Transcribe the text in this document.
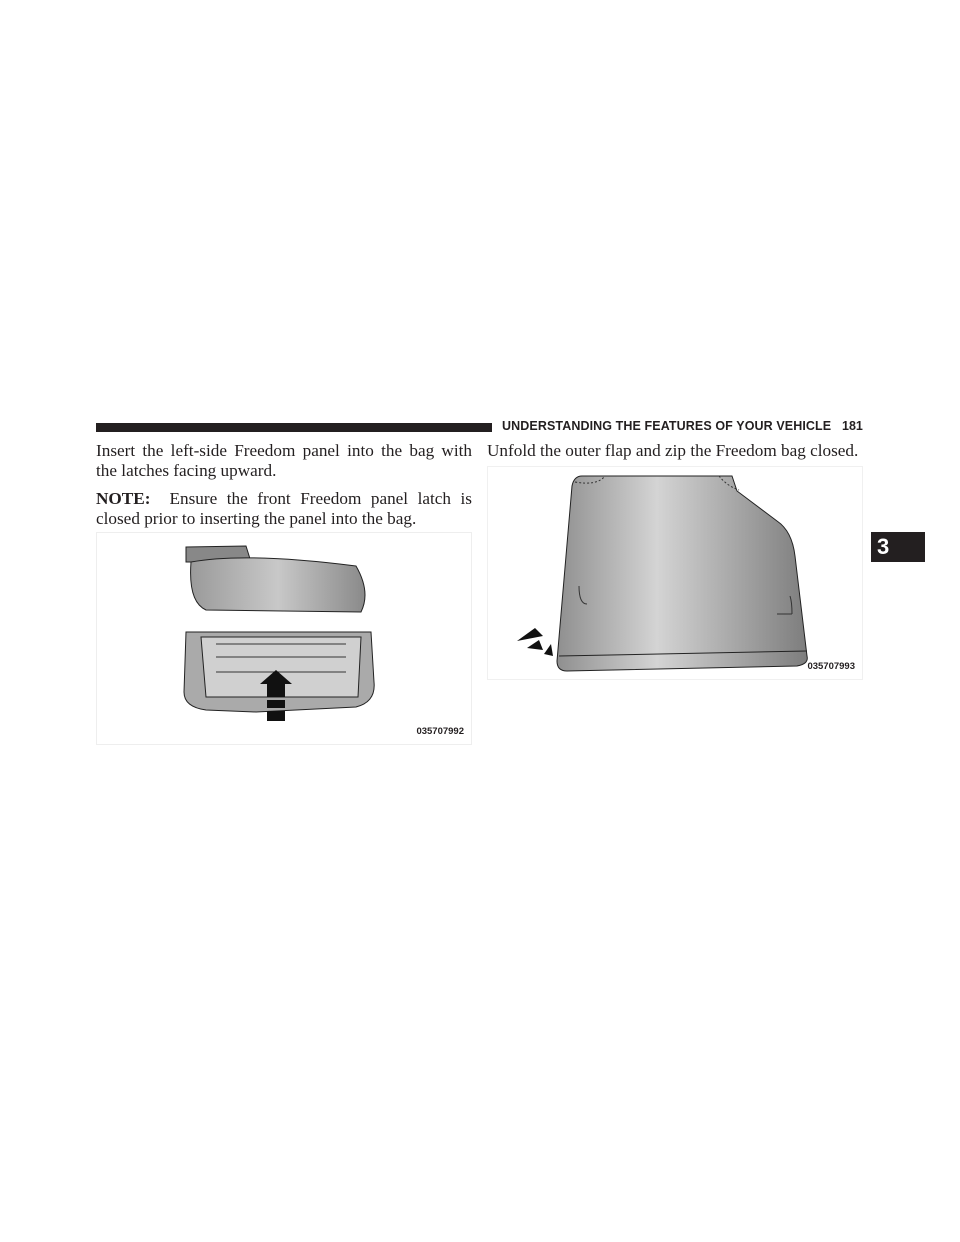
UNDERSTANDING THE FEATURES OF YOUR VEHICLE 181
Insert the left-side Freedom panel into the bag with the latches facing upward.
NOTE: Ensure the front Freedom panel latch is closed prior to inserting the panel into the bag.
035707992
Unfold the outer flap and zip the Freedom bag closed.
035707993
3
